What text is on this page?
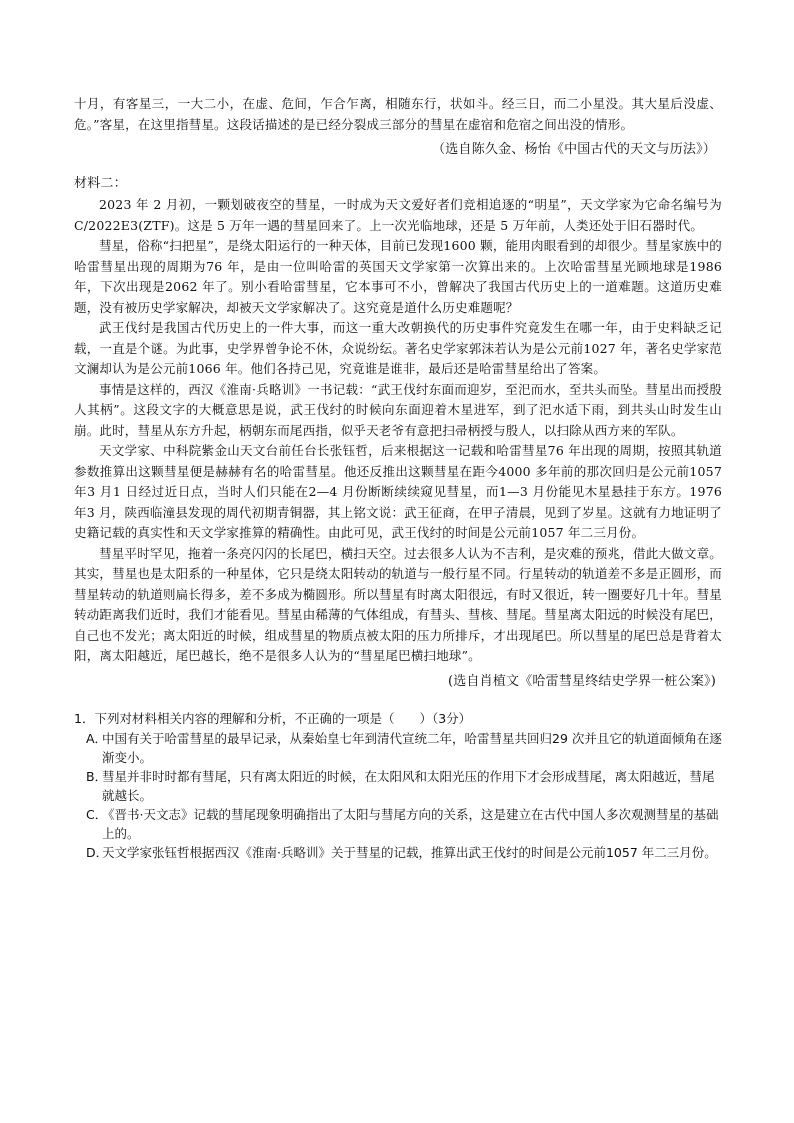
十月，有客星三，一大二小，在虚、危间，乍合乍离，相随东行，状如斗。经三日，而二小星没。其大星后没虚、危。”客星，在这里指彗星。这段话描述的是已经分裂成三部分的彗星在虚宿和危宿之间出没的情形。

（选自陈久金、杨怡《中国古代的天文与历法》）

材料二：

2023 年 2 月初，一颗划破夜空的彗星，一时成为天文爱好者们竞相追逐的“明星”，天文学家为它命名编号为 C/2022E3(ZTF)。这是 5 万年一遇的彗星回来了。上一次光临地球，还是 5 万年前，人类还处于旧石器时代。

彗星，俗称“扫把星”，是绕太阳运行的一种天体，目前已发现1600 颗，能用肉眼看到的却很少。彗星家族中的哈雷彗星出现的周期为76 年，是由一位叫哈雷的英国天文学家第一次算出来的。上次哈雷彗星光顾地球是1986 年，下次出现是2062 年了。别小看哈雷彗星，它本事可不小，曾解决了我国古代历史上的一道难题。这道历史难题，没有被历史学家解决，却被天文学家解决了。这究竟是道什么历史难题呢？

武王伐纣是我国古代历史上的一件大事，而这一重大改朝换代的历史事件究竟发生在哪一年，由于史料缺乏记载，一直是个谜。为此事，史学界曾争论不休，众说纷纭。著名史学家郭沫若认为是公元前1027 年，著名史学家范文澜却认为是公元前1066 年。他们各持己见，究竟谁是谁非，最后还是哈雷彗星给出了答案。

事情是这样的，西汉《淮南·兵略训》一书记载：“武王伐纣东面而迎岁，至汜而水，至共头而坠。彗星出而授殷人其柄”。这段文字的大概意思是说，武王伐纣的时候向东面迎着木星进军，到了汜水适下雨，到共头山时发生山崩。此时，彗星从东方升起，柄朝东而尾西指，似乎天老爷有意把扫帚柄授与殷人，以扫除从西方来的军队。

天文学家、中科院紫金山天文台前任台长张钰哲，后来根据这一记载和哈雷彗星76 年出现的周期，按照其轨道参数推算出这颗彗星便是赫赫有名的哈雷彗星。他还反推出这颗彗星在距今4000 多年前的那次回归是公元前1057 年3 月1 日经过近日点，当时人们只能在2—4 月份断断续续窥见彗星，而1—3 月份能见木星悬挂于东方。1976 年3 月，陕西临潼县发现的周代初期青铜器，其上铭文说：武王征商，在甲子清晨，见到了岁星。这就有力地证明了史籍记载的真实性和天文学家推算的精确性。由此可见，武王伐纣的时间是公元前1057 年二三月份。

彗星平时罕见，拖着一条亮闪闪的长尾巴，横扫天空。过去很多人认为不吉利，是灾难的预兆，借此大做文章。其实，彗星也是太阳系的一种星体，它只是绕太阳转动的轨道与一般行星不同。行星转动的轨道差不多是正圆形，而彗星转动的轨道则扁长得多，差不多成为椭圆形。所以彗星有时离太阳很远，有时又很近，转一圈要好几十年。彗星转动距离我们近时，我们才能看见。彗星由稀薄的气体组成，有彗头、彗核、彗尾。彗星离太阳远的时候没有尾巴，自己也不发光；离太阳近的时候，组成彗星的物质点被太阳的压力所排斥，才出现尾巴。所以彗星的尾巴总是背着太阳，离太阳越近，尾巴越长，绝不是很多人认为的“彗星尾巴横扫地球”。

(选自肖植文《哈雷彗星终结史学界一桩公案》)

1．下列对材料相关内容的理解和分析，不正确的一项是（　　）（3分）
A．
中国有关于哈雷彗星的最早记录，从秦始皇七年到清代宣统二年，哈雷彗星共回归29 次并且它的轨道面倾角在逐渐变小。
B．
彗星并非时时都有彗尾，只有离太阳近的时候，在太阳风和太阳光压的作用下才会形成彗尾，离太阳越近，彗尾就越长。
C．
《晋书·天文志》记载的彗尾现象明确指出了太阳与彗尾方向的关系，这是建立在古代中国人多次观测彗星的基础上的。
D．
天文学家张钰哲根据西汉《淮南·兵略训》关于彗星的记载，推算出武王伐纣的时间是公元前1057 年二三月份。
